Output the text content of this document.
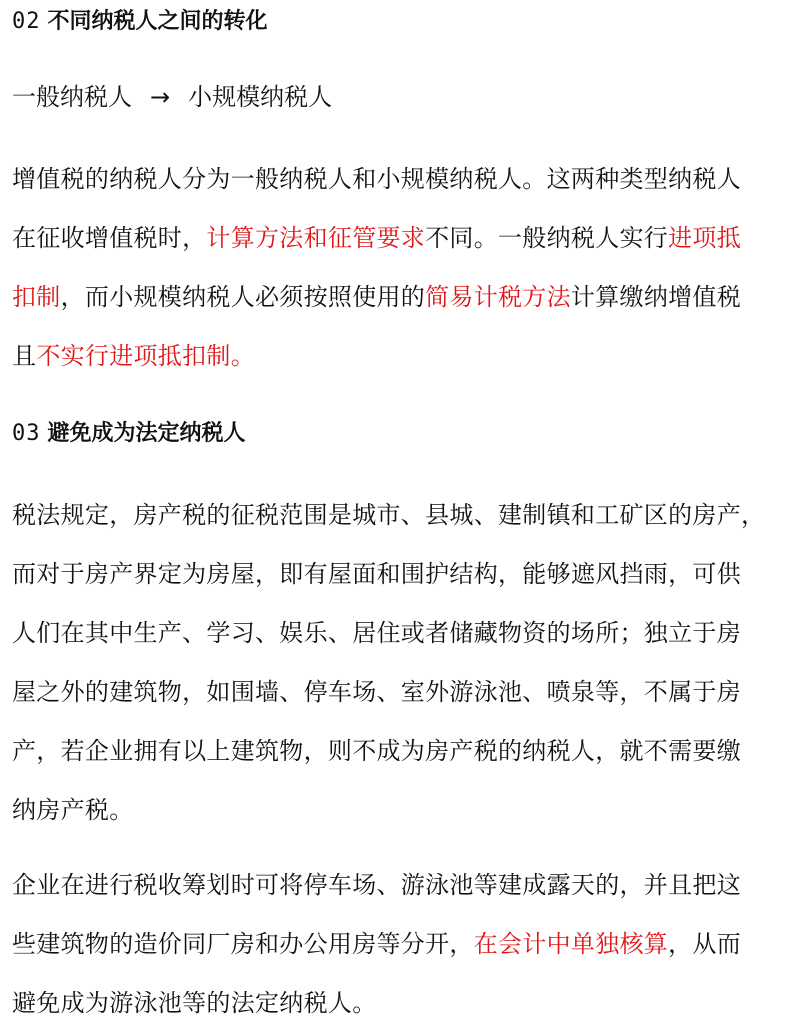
02 不同纳税人之间的转化
一般纳税人 → 小规模纳税人
增值税的纳税人分为一般纳税人和小规模纳税人。这两种类型纳税人
在征收增值税时，计算方法和征管要求不同。一般纳税人实行进项抵
扣制，而小规模纳税人必须按照使用的简易计税方法计算缴纳增值税
且不实行进项抵扣制。
03 避免成为法定纳税人
税法规定，房产税的征税范围是城市、县城、建制镇和工矿区的房产，
而对于房产界定为房屋，即有屋面和围护结构，能够遮风挡雨，可供
人们在其中生产、学习、娱乐、居住或者储藏物资的场所；独立于房
屋之外的建筑物，如围墙、停车场、室外游泳池、喷泉等，不属于房
产，若企业拥有以上建筑物，则不成为房产税的纳税人，就不需要缴
纳房产税。
企业在进行税收筹划时可将停车场、游泳池等建成露天的，并且把这
些建筑物的造价同厂房和办公用房等分开，在会计中单独核算，从而
避免成为游泳池等的法定纳税人。
